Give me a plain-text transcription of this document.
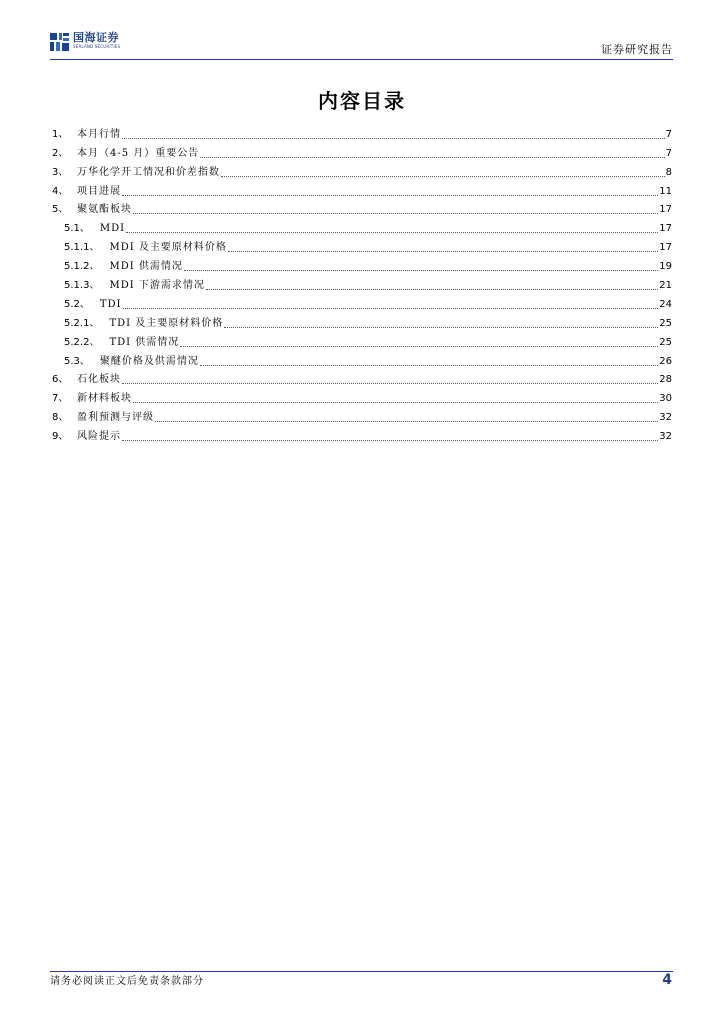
国海证券
SEALAND SECURITIES	证券研究报告
内容目录
1、 本月行情	7
2、 本月（4-5 月）重要公告	7
3、 万华化学开工情况和价差指数	8
4、 项目进展	11
5、 聚氨酯板块	17
5.1、 MDI	17
5.1.1、 MDI 及主要原材料价格	17
5.1.2、 MDI 供需情况	19
5.1.3、 MDI 下游需求情况	21
5.2、 TDI	24
5.2.1、 TDI 及主要原材料价格	25
5.2.2、 TDI 供需情况	25
5.3、 聚醚价格及供需情况	26
6、 石化板块	28
7、 新材料板块	30
8、 盈利预测与评级	32
9、 风险提示	32
请务必阅读正文后免责条款部分	4
